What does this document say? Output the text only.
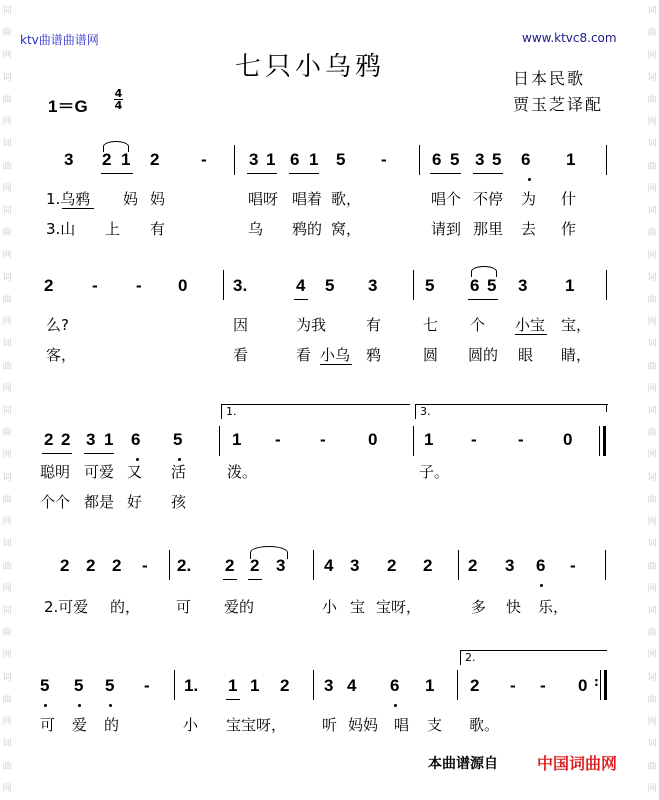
词
曲
网
词
曲
网
词
曲
网
词
曲
网
词
曲
网
词
曲
网
词
曲
网
词
曲
网
词
曲
网
词
曲
网
词
曲
网
词
曲
网
词
曲
网
词
曲
网
词
曲
网
词
曲
网
词
曲
网
词
曲
网
词
曲
网
词
曲
网
词
曲
网
词
曲
网
词
曲
网
词
曲
网
ktv曲谱曲谱网	www.ktvc8.com
七只小乌鸦	日本民歌
贾玉芝译配
1＝G
4
4
3 2 1 2 - 3 1 6 1 5 -	6 5 3 5 6 1
1.乌鸦 妈 妈	唱呀 唱着 歌，	唱个 不停 为 什
3.山 上 有	乌 鸦的 窝，	请到 那里 去 作
2 - - 0	3.	4 5 3	5 6 5 3 1
么?	因	为我	有	七 个 小宝 宝，
客，	看	看 小乌 鸦	圆 圆的 眼 睛，
1.	3.
2 2 3 1 6 5	1 - - 0	1 - - 0
聪明 可爱 又 活	泼。	子。
个个 都是 好 孩
2 2 2 - 2. 2 2 3 4 3 2 2 2 3 6 -
2.可爱 的， 可 爱的	小 宝 宝呀，	多 快 乐，
2.
5 5 5 - 1. 1 1 2 3 4 6 1 2 - - 0 :
可 爱 的	小 宝宝呀， 听 妈妈 唱 支 歌。
本曲谱源自 中国词曲网
